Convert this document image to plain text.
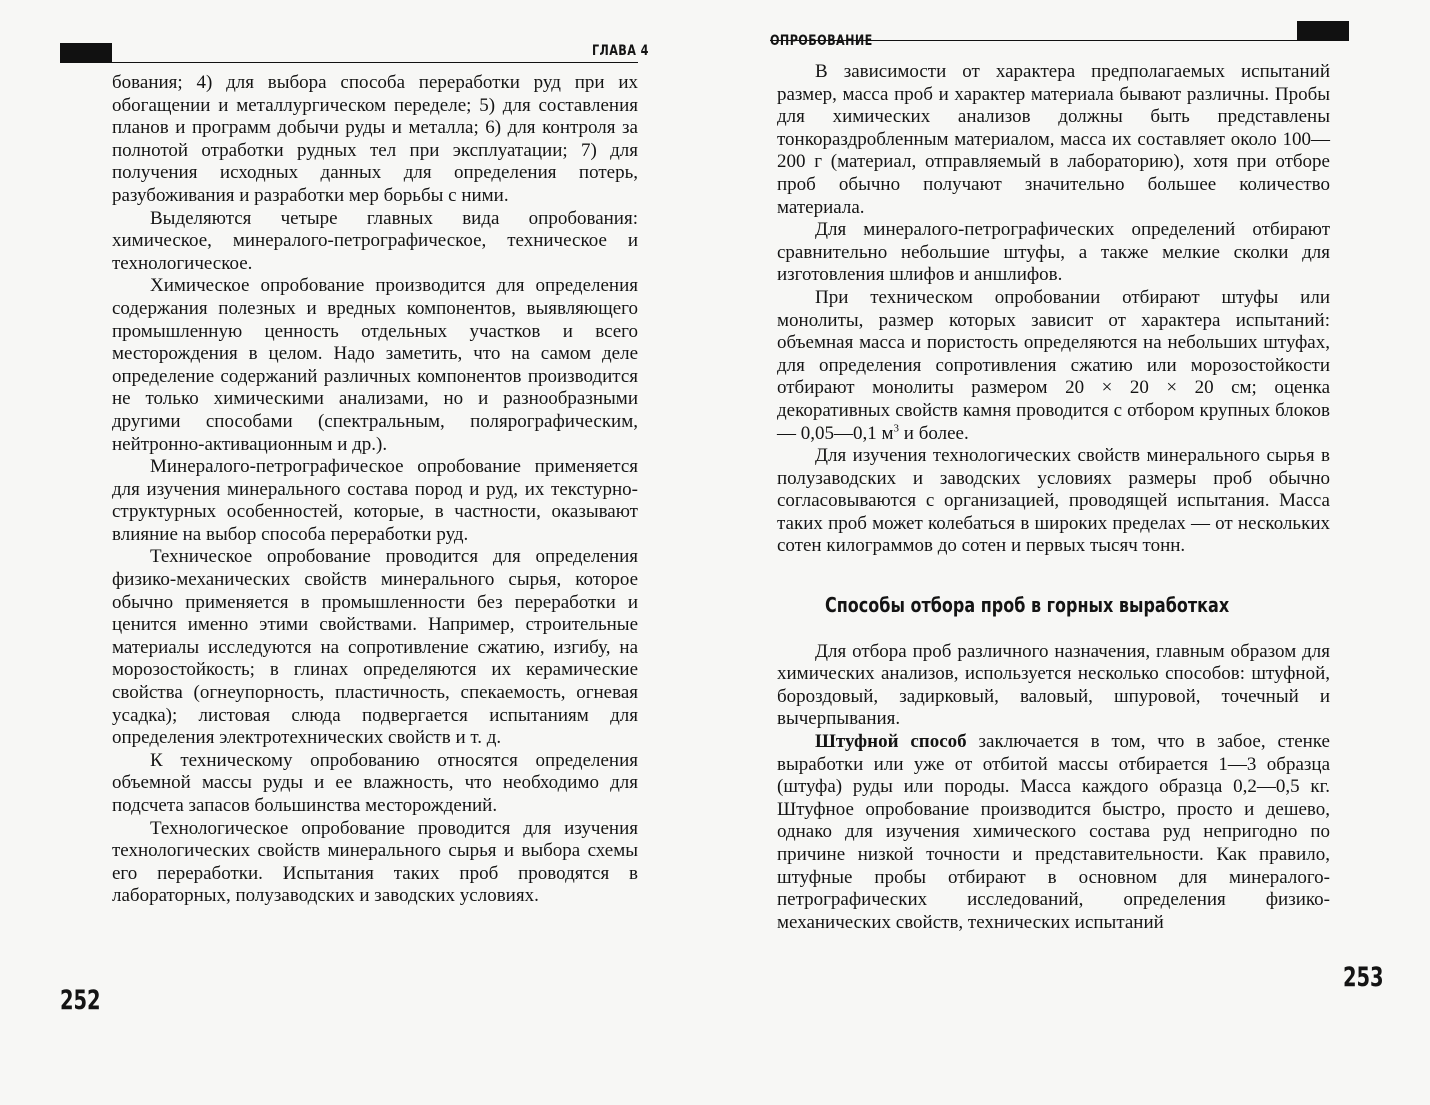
ГЛАВА 4

бования; 4) для выбора способа переработки руд при их обогащении и металлургическом переделе; 5) для составления планов и программ добычи руды и металла; 6) для контроля за полнотой отработки рудных тел при эксплуатации; 7) для получения исходных данных для определения потерь, разубоживания и разработки мер борьбы с ними.

Выделяются четыре главных вида опробования: химическое, минералого-петрографическое, техническое и технологическое.

Химическое опробование производится для определения содержания полезных и вредных компонентов, выявляющего промышленную ценность отдельных участков и всего месторождения в целом. Надо заметить, что на самом деле определение содержаний различных компонентов производится не только химическими анализами, но и разнообразными другими способами (спектральным, полярографическим, нейтронно-активационным и др.).

Минералого-петрографическое опробование применяется для изучения минерального состава пород и руд, их текстурно-структурных особенностей, которые, в частности, оказывают влияние на выбор способа переработки руд.

Техническое опробование проводится для определения физико-механических свойств минерального сырья, которое обычно применяется в промышленности без переработки и ценится именно этими свойствами. Например, строительные материалы исследуются на сопротивление сжатию, изгибу, на морозостойкость; в глинах определяются их керамические свойства (огнеупорность, пластичность, спекаемость, огневая усадка); листовая слюда подвергается испытаниям для определения электротехнических свойств и т. д.

К техническому опробованию относятся определения объемной массы руды и ее влажность, что необходимо для подсчета запасов большинства месторождений.

Технологическое опробование проводится для изучения технологических свойств минерального сырья и выбора схемы его переработки. Испытания таких проб проводятся в лабораторных, полузаводских и заводских условиях.

252
ОПРОБОВАНИЕ

В зависимости от характера предполагаемых испытаний размер, масса проб и характер материала бывают различны. Пробы для химических анализов должны быть представлены тонкораздробленным материалом, масса их составляет около 100—200 г (материал, отправляемый в лабораторию), хотя при отборе проб обычно получают значительно большее количество материала.

Для минералого-петрографических определений отбирают сравнительно небольшие штуфы, а также мелкие сколки для изготовления шлифов и аншлифов.

При техническом опробовании отбирают штуфы или монолиты, размер которых зависит от характера испытаний: объемная масса и пористость определяются на небольших штуфах, для определения сопротивления сжатию или морозостойкости отбирают монолиты размером 20 × 20 × 20 см; оценка декоративных свойств камня проводится с отбором крупных блоков — 0,05—0,1 $м^3$ и более.

Для изучения технологических свойств минерального сырья в полузаводских и заводских условиях размеры проб обычно согласовываются с организацией, проводящей испытания. Масса таких проб может колебаться в широких пределах — от нескольких сотен килограммов до сотен и первых тысяч тонн.

Способы отбора проб в горных выработках

Для отбора проб различного назначения, главным образом для химических анализов, используется несколько способов: штуфной, бороздовый, задирковый, валовый, шпуровой, точечный и вычерпывания.

Штуфной способ заключается в том, что в забое, стенке выработки или уже от отбитой массы отбирается 1—3 образца (штуфа) руды или породы. Масса каждого образца 0,2—0,5 кг. Штуфное опробование производится быстро, просто и дешево, однако для изучения химического состава руд непригодно по причине низкой точности и представительности. Как правило, штуфные пробы отбирают в основном для минералого-петрографических исследований, определения физико-механических свойств, технических испытаний

253
